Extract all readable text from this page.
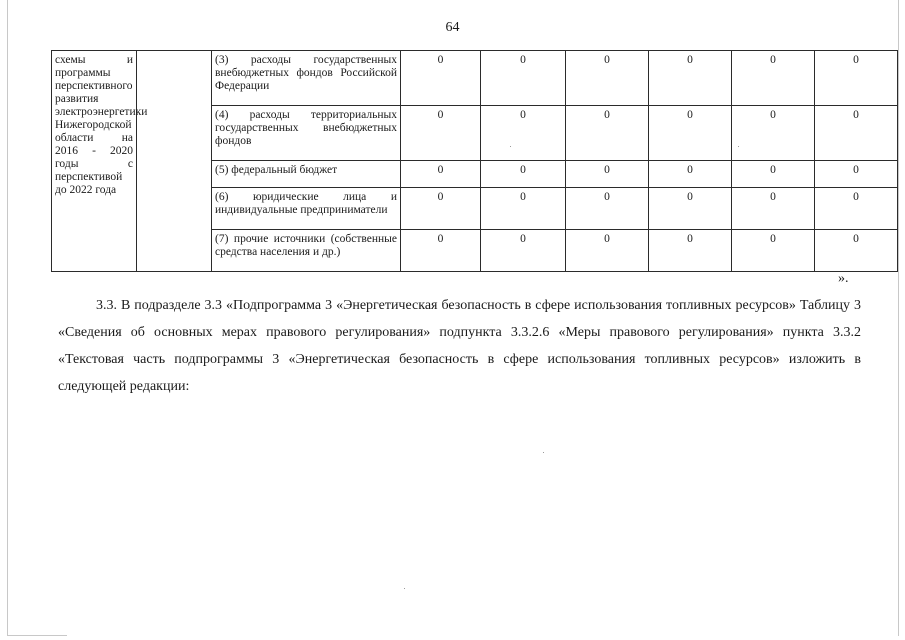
64
схемы и программы перспективного развития электроэнергетики Нижегородской области на 2016 - 2020 годы с перспективой до 2022 года		(3) расходы государственных внебюджетных фондов Российской Федерации	0	0	0	0	0	0
		(4) расходы территориальных государственных внебюджетных фондов	0	0	0	0	0	0
		(5) федеральный бюджет	0	0	0	0	0	0
		(6) юридические лица и индивидуальные предприниматели	0	0	0	0	0	0
		(7) прочие источники (собственные средства населения и др.)	0	0	0	0	0	0
».
3.3. В подразделе 3.3 «Подпрограмма 3 «Энергетическая безопасность в сфере использования топливных ресурсов» Таблицу 3 «Сведения об основных мерах правового регулирования» подпункта 3.3.2.6 «Меры правового регулирования» пункта 3.3.2 «Текстовая часть подпрограммы 3 «Энергетическая безопасность в сфере использования топливных ресурсов» изложить в следующей редакции:
